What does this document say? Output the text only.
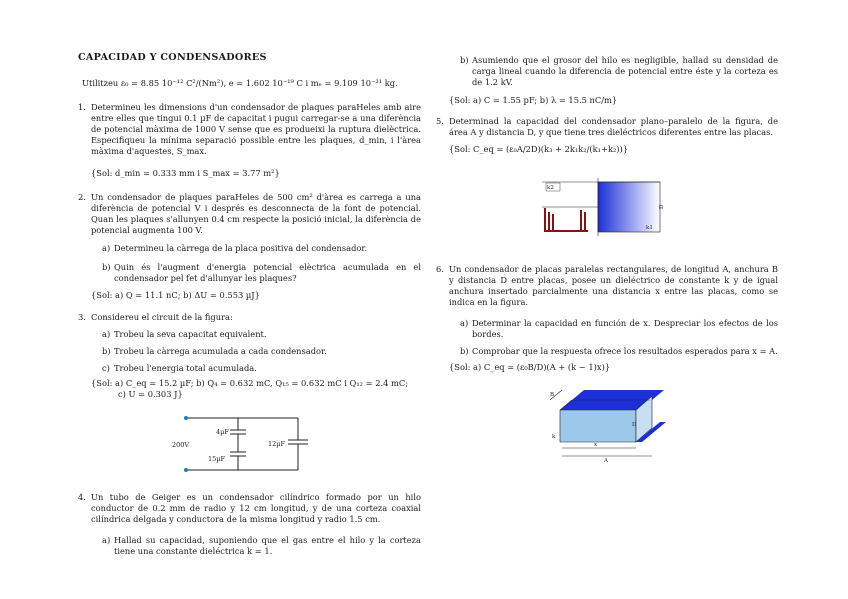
CAPACIDAD Y CONDENSADORES
Utilitzeu ε₀ = 8.85 10⁻¹² C²/(Nm²), e = 1.602 10⁻¹⁹ C i mₑ = 9.109 10⁻³¹ kg.
1. Determineu les dimensions d'un condensador de plaques paraHeles amb aire entre elles que tingui 0.1 µF de capacitat i pugui carregar-se a una diferència de potencial màxima de 1000 V sense que es produeixi la ruptura dielèctrica. Especifiqueu la mínima separació possible entre les plaques, d_min, i l'àrea màxima d'aquestes, S_max.
{Sol: d_min = 0.333 mm i S_max = 3.77 m²}
2. Un condensador de plaques paraHeles de 500 cm² d'àrea es carrega a una diferència de potencial V i després es desconnecta de la font de potencial. Quan les plaques s'allunyen 0.4 cm respecte la posició inicial, la diferència de potencial augmenta 100 V.
a) Determineu la càrrega de la placa positiva del condensador.
b) Quin és l'augment d'energia potencial elèctrica acumulada en el condensador pel fet d'allunyar les plaques?
{Sol: a) Q = 11.1 nC; b) ΔU = 0.553 µJ}
3. Considereu el circuit de la figura:
a) Trobeu la seva capacitat equivalent.
b) Trobeu la càrrega acumulada a cada condensador.
c) Trobeu l'energia total acumulada.
{Sol: a) C_eq = 15.2 µF; b) Q₄ = 0.632 mC, Q₁₅ = 0.632 mC i Q₁₂ = 2.4 mC;
c) U = 0.303 J}
4µF
15µF
12µF
200V
4. Un tubo de Geiger es un condensador cilíndrico formado por un hilo conductor de 0.2 mm de radio y 12 cm longitud, y de una corteza coaxial cilíndrica delgada y conductora de la misma longitud y radio 1.5 cm.
a) Hallad su capacidad, suponiendo que el gas entre el hilo y la corteza tiene una constante dieléctrica k = 1.
b) Asumiendo que el grosor del hilo es negligible, hallad su densidad de carga lineal cuando la diferencia de potencial entre éste y la corteza es de 1.2 kV.
{Sol: a) C = 1.55 pF; b) λ = 15.5 nC/m}
5. Determinad la capacidad del condensador plano–paralelo de la figura, de área A y distancia D, y que tiene tres dieléctricos diferentes entre las placas.
{Sol: C_eq = (ε₀A/2D)(k₃ + 2k₁k₂/(k₁+k₂))}
k2
D
k1
6. Un condensador de placas paralelas rectangulares, de longitud A, anchura B y distancia D entre placas, posee un dieléctrico de constante k y de igual anchura insertado parcialmente una distancia x entre las placas, como se indica en la figura.
a) Determinar la capacidad en función de x. Despreciar los efectos de los bordes.
b) Comprobar que la respuesta ofrece los resultados esperados para x = A.
{Sol: a) C_eq = (ε₀B/D)(A + (k − 1)x)}
B
k
D
x
A
